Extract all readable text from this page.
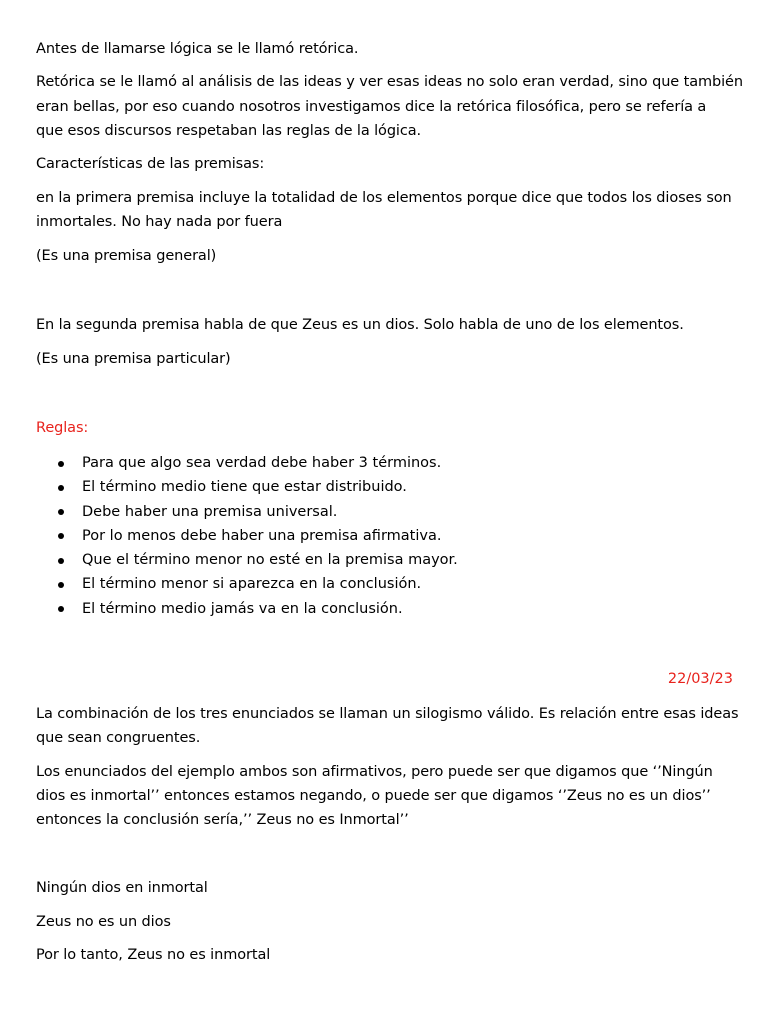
Antes de llamarse lógica se le llamó retórica.
Retórica se le llamó al análisis de las ideas y ver esas ideas no solo eran verdad, sino que también
eran bellas, por eso cuando nosotros investigamos dice la retórica filosófica, pero se refería a
que esos discursos respetaban las reglas de la lógica.
Características de las premisas:
en la primera premisa incluye la totalidad de los elementos porque dice que todos los dioses son
inmortales. No hay nada por fuera
(Es una premisa general)
En la segunda premisa habla de que Zeus es un dios. Solo habla de uno de los elementos.
(Es una premisa particular)
Reglas:
Para que algo sea verdad debe haber 3 términos.
El término medio tiene que estar distribuido.
Debe haber una premisa universal.
Por lo menos debe haber una premisa afirmativa.
Que el término menor no esté en la premisa mayor.
El término menor si aparezca en la conclusión.
El término medio jamás va en la conclusión.
22/03/23
La combinación de los tres enunciados se llaman un silogismo válido. Es relación entre esas ideas
que sean congruentes.
Los enunciados del ejemplo ambos son afirmativos, pero puede ser que digamos que ‘’Ningún
dios es inmortal’’ entonces estamos negando, o puede ser que digamos ‘’Zeus no es un dios’’
entonces la conclusión sería,’’ Zeus no es Inmortal’’
Ningún dios en inmortal
Zeus no es un dios
Por lo tanto, Zeus no es inmortal
